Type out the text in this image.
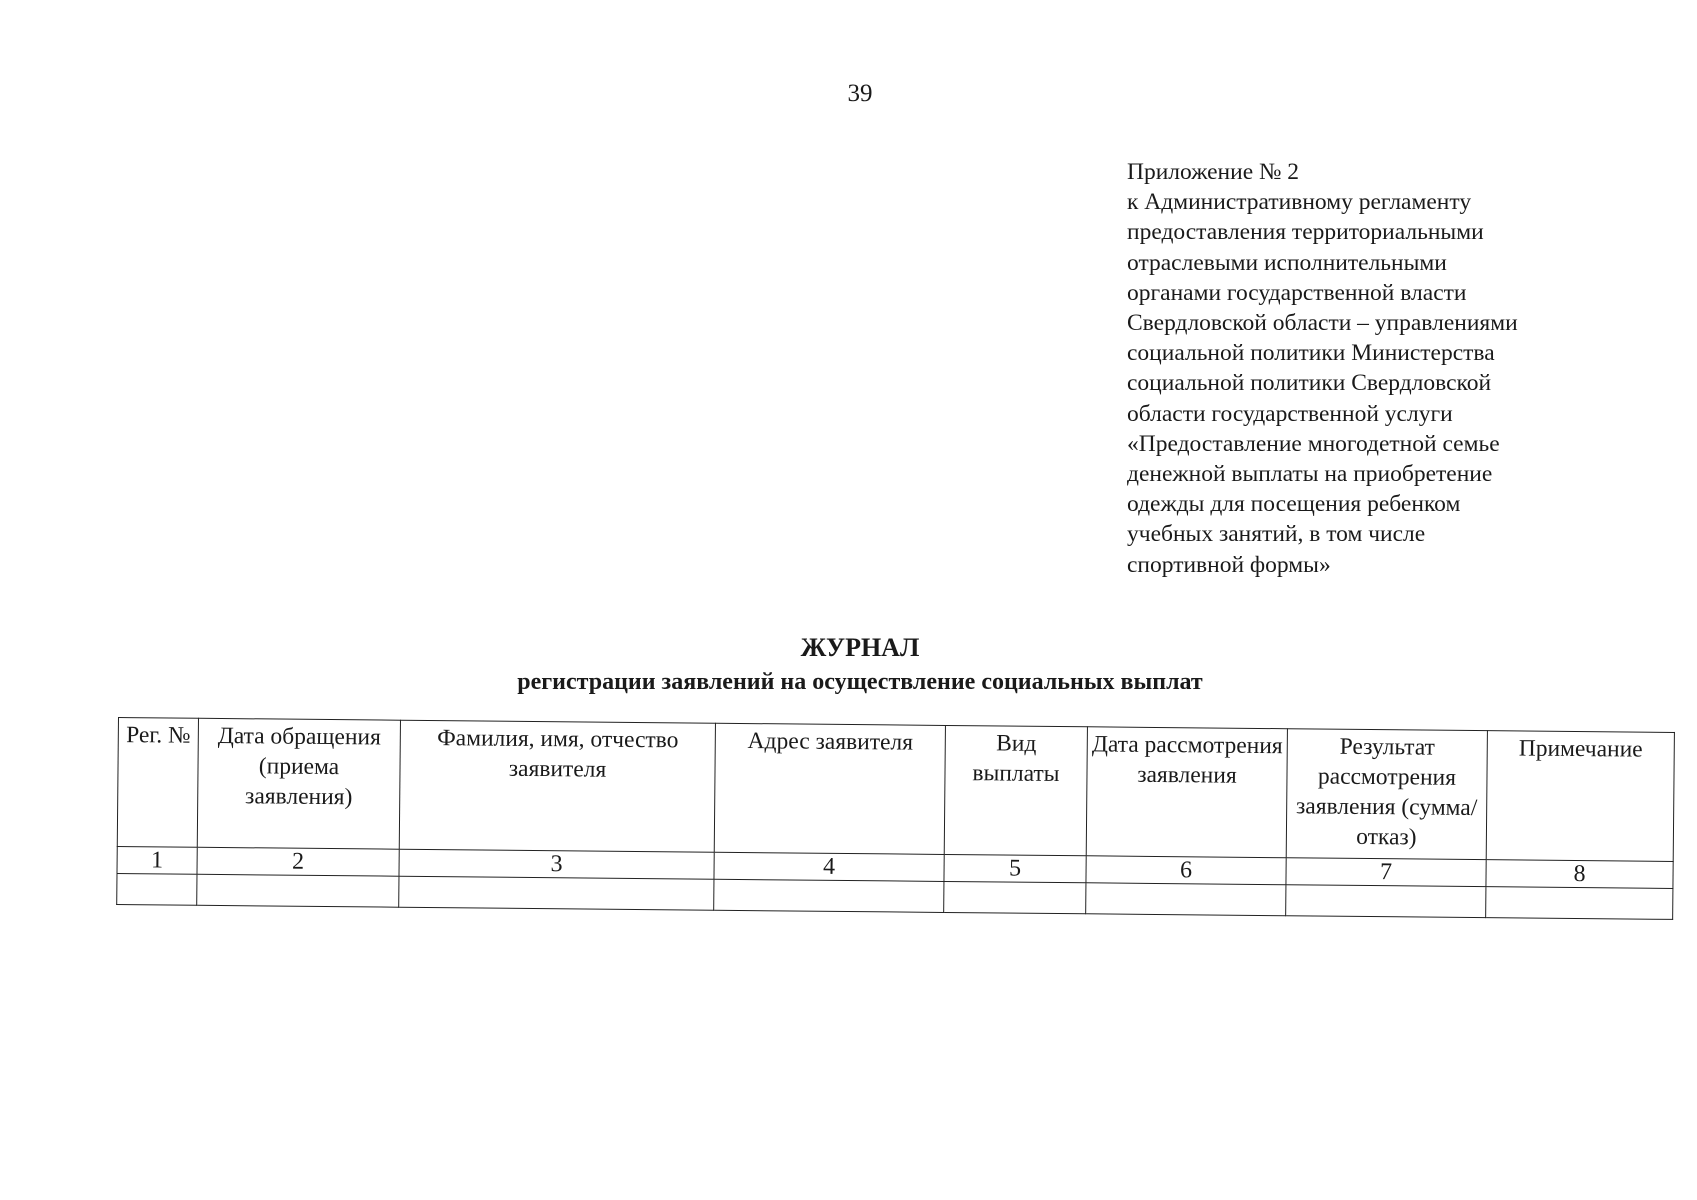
39
Приложение № 2
к Административному регламенту
предоставления территориальными
отраслевыми исполнительными
органами государственной власти
Свердловской области – управлениями
социальной политики Министерства
социальной политики Свердловской
области государственной услуги
«Предоставление многодетной семье
денежной выплаты на приобретение
одежды для посещения ребенком
учебных занятий, в том числе
спортивной формы»
ЖУРНАЛ
регистрации заявлений на осуществление социальных выплат
Рег. №	Дата обращения (приема заявления)	Фамилия, имя, отчество заявителя	Адрес заявителя	Вид выплаты	Дата рассмотрения заявления	Результат рассмотрения заявления (сумма/отказ)	Примечание
1	2	3	4	5	6	7	8
